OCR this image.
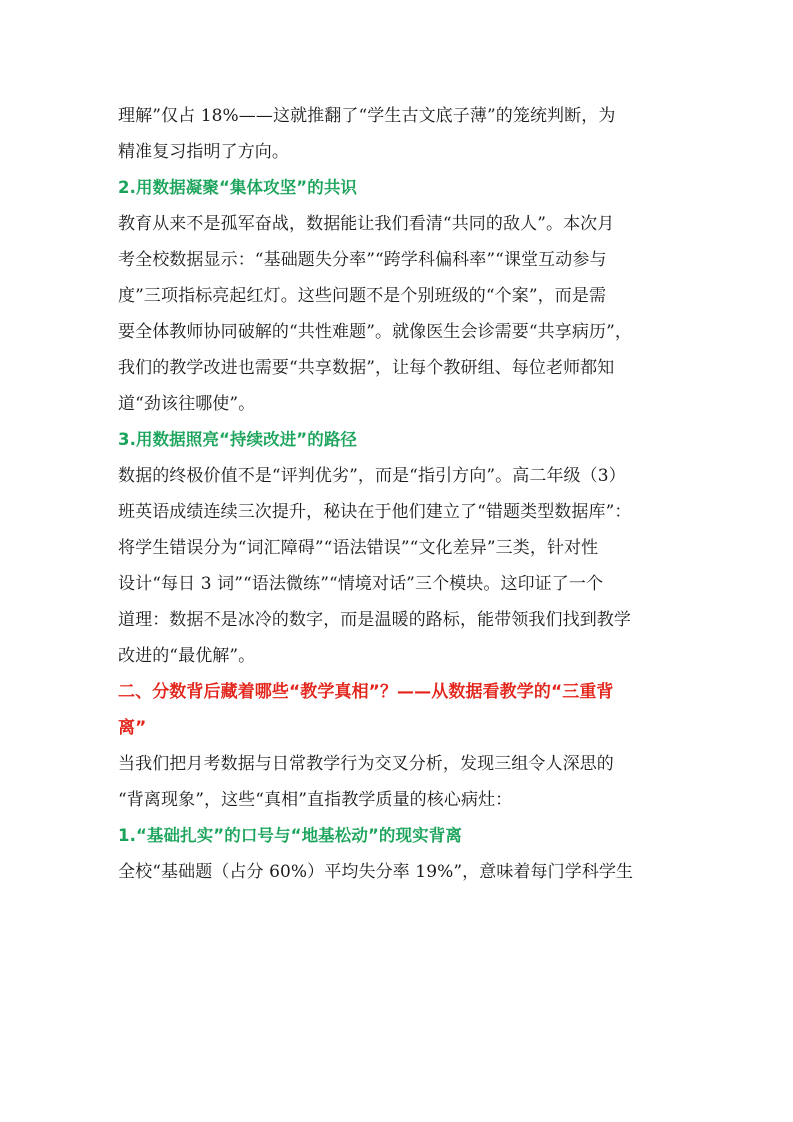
理解”仅占 18%——这就推翻了“学生古文底子薄”的笼统判断，为
精准复习指明了方向。
2.用数据凝聚“集体攻坚”的共识
教育从来不是孤军奋战，数据能让我们看清“共同的敌人”。本次月
考全校数据显示：“基础题失分率”“跨学科偏科率”“课堂互动参与
度”三项指标亮起红灯。这些问题不是个别班级的“个案”，而是需
要全体教师协同破解的“共性难题”。就像医生会诊需要“共享病历”，
我们的教学改进也需要“共享数据”，让每个教研组、每位老师都知
道“劲该往哪使”。
3.用数据照亮“持续改进”的路径
数据的终极价值不是“评判优劣”，而是“指引方向”。高二年级（3）
班英语成绩连续三次提升，秘诀在于他们建立了“错题类型数据库”：
将学生错误分为“词汇障碍”“语法错误”“文化差异”三类，针对性
设计“每日 3 词”“语法微练”“情境对话”三个模块。这印证了一个
道理：数据不是冰冷的数字，而是温暖的路标，能带领我们找到教学
改进的“最优解”。
二、分数背后藏着哪些“教学真相”？——从数据看教学的“三重背
离”
当我们把月考数据与日常教学行为交叉分析，发现三组令人深思的
“背离现象”，这些“真相”直指教学质量的核心病灶：
1.“基础扎实”的口号与“地基松动”的现实背离
全校“基础题（占分 60%）平均失分率 19%”，意味着每门学科学生
